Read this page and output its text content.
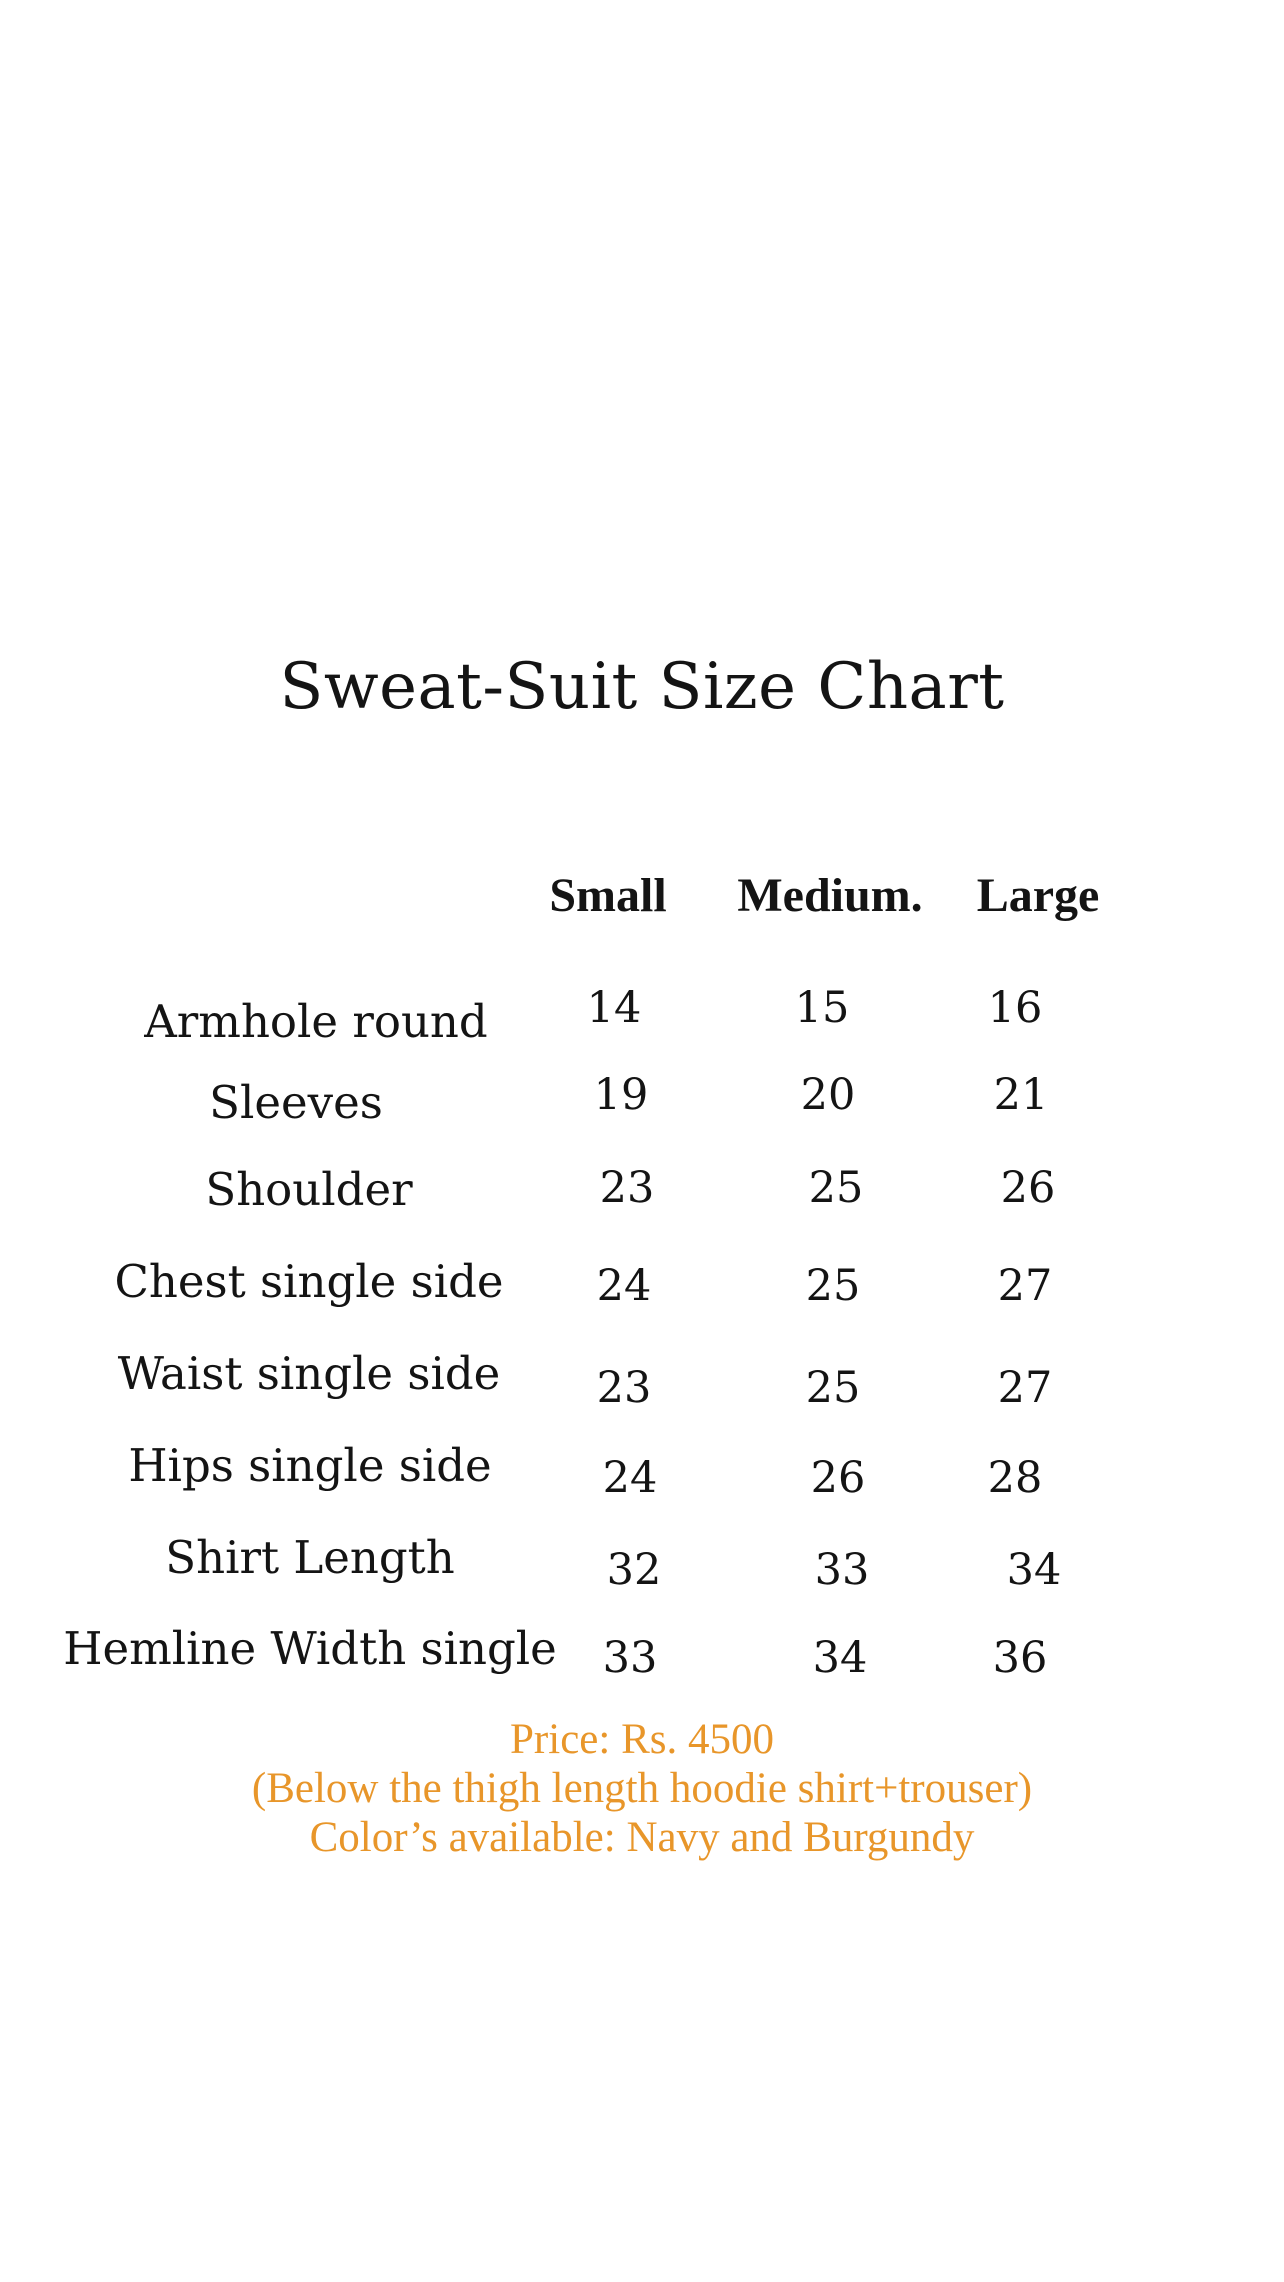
Sweat-Suit Size Chart
Small	Medium.	Large
Armhole round	14	15	16
Sleeves	19	20	21
Shoulder	23	25	26
Chest single side	24	25	27
Waist single side	23	25	27
Hips single side	24	26	28
Shirt Length	32	33	34
Hemline Width single	33	34	36
Price: Rs. 4500
(Below the thigh length hoodie shirt+trouser)
Color’s available: Navy and Burgundy
